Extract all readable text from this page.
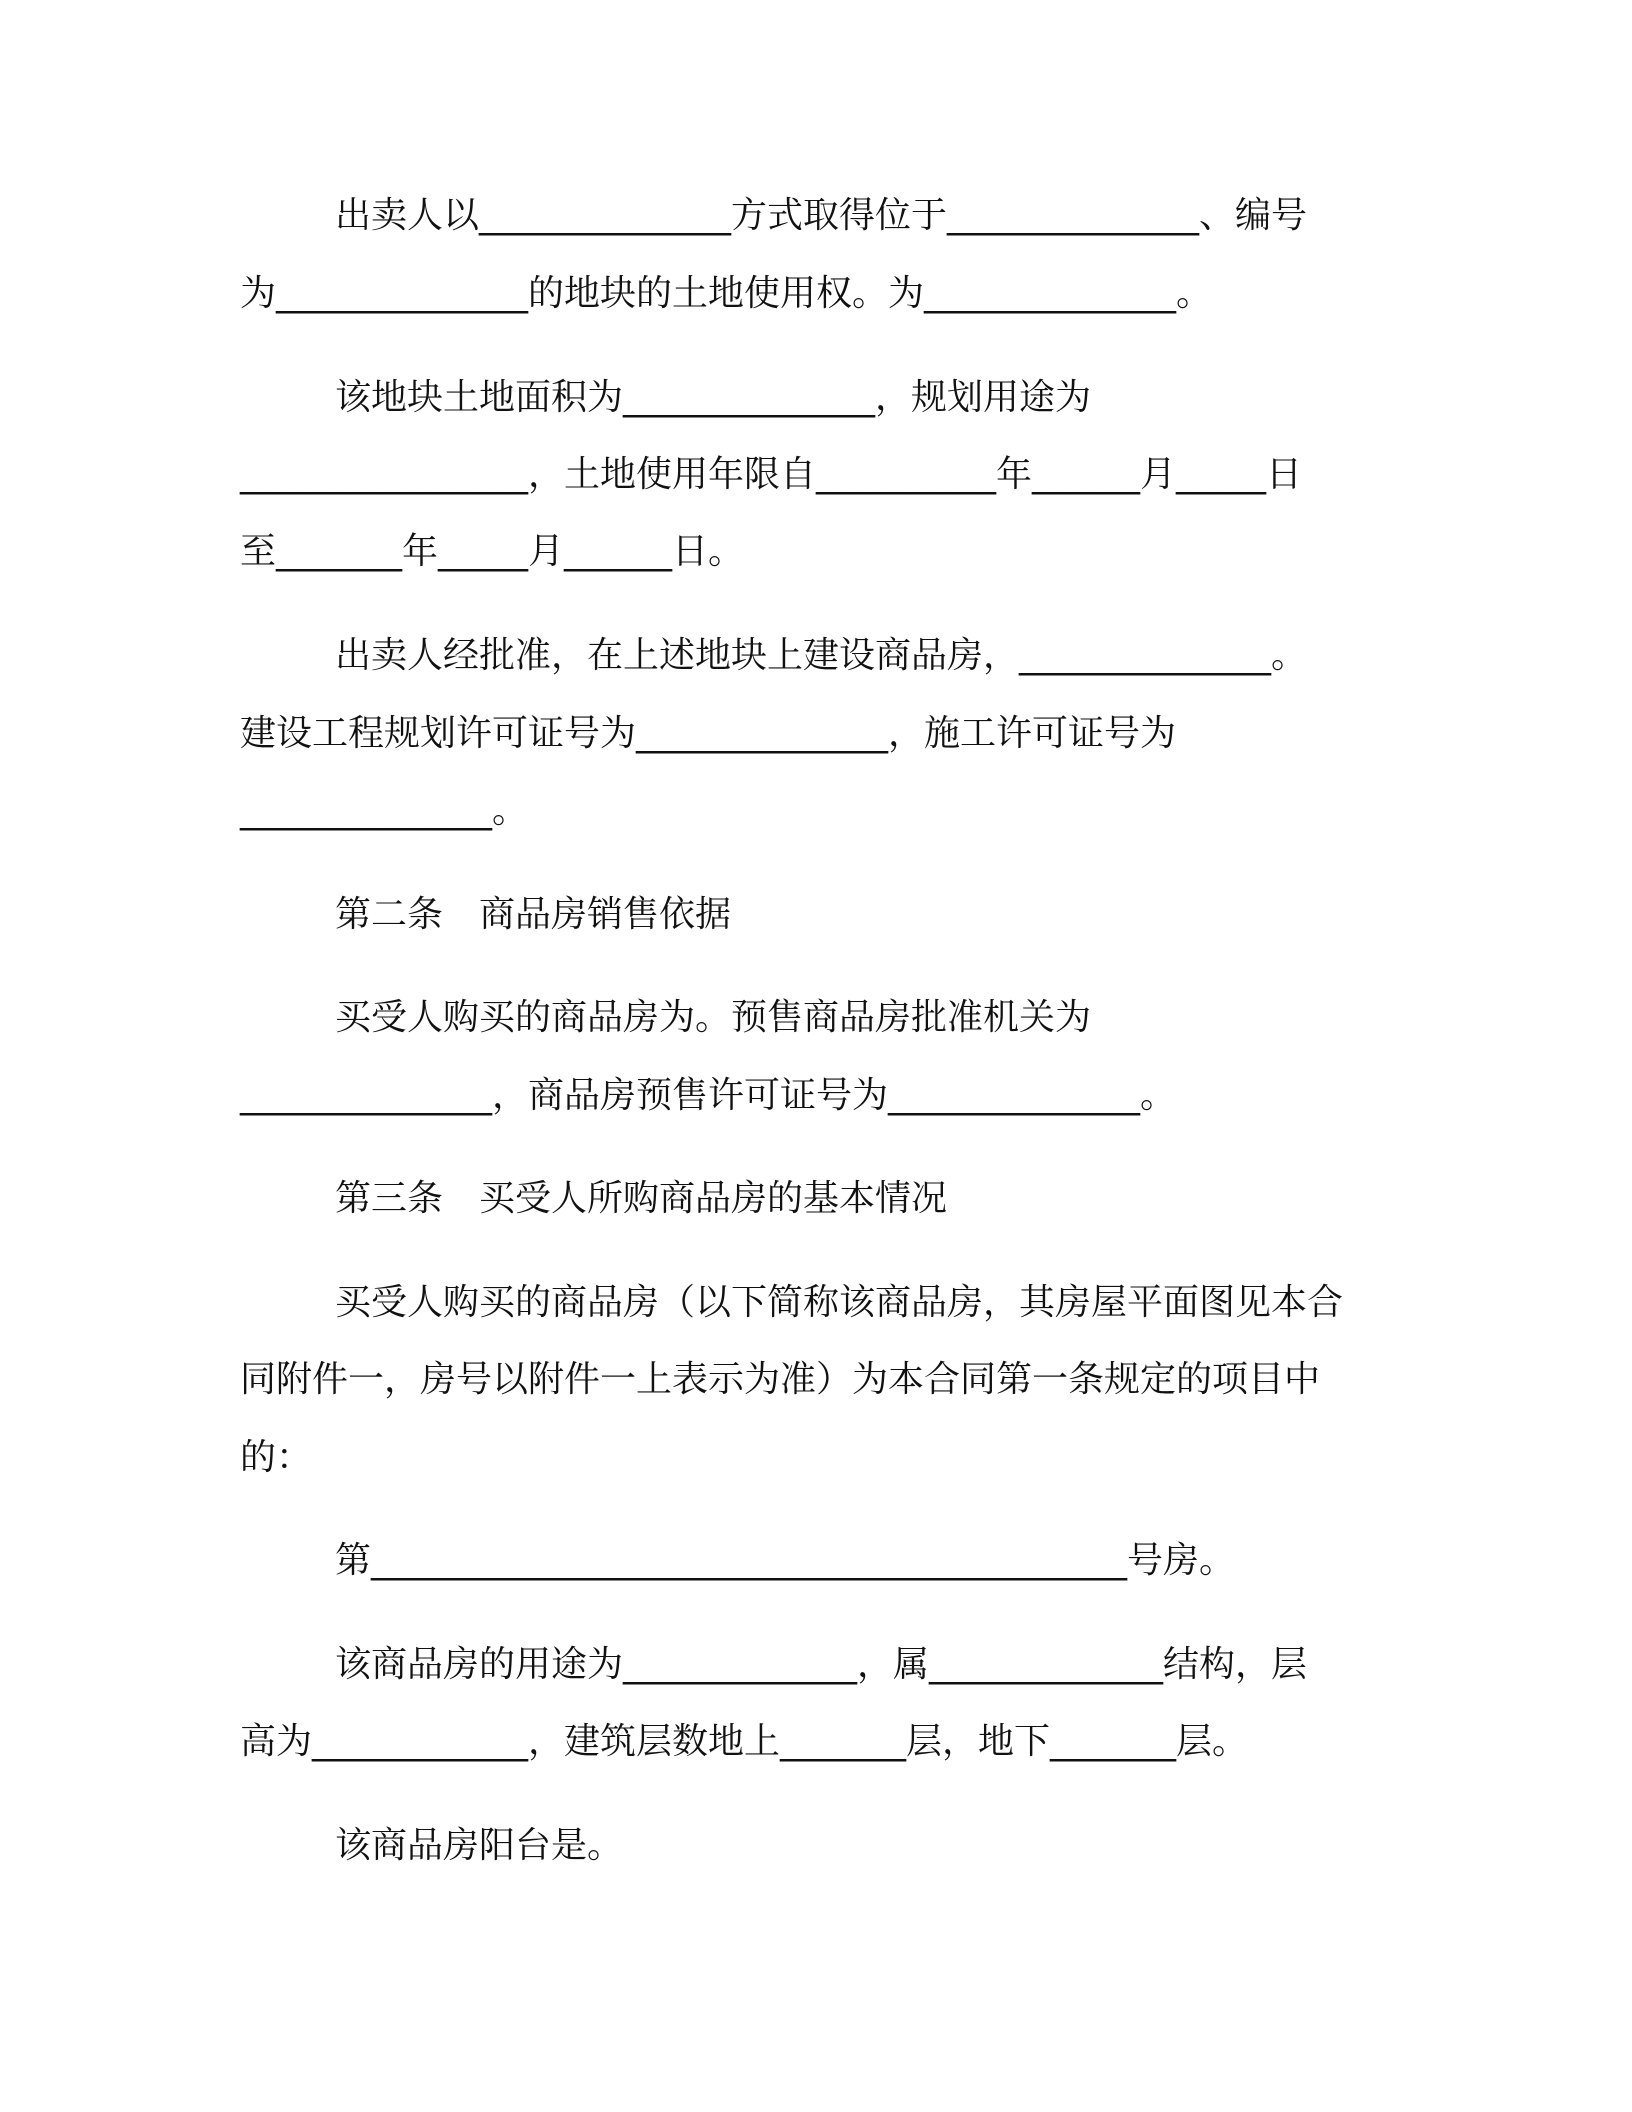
出卖人以______________方式取得位于______________、编号
为______________的地块的土地使用权。为______________。
该地块土地面积为______________，规划用途为
________________，土地使用年限自__________年______月_____日
至_______年_____月______日。
出卖人经批准，在上述地块上建设商品房，______________。
建设工程规划许可证号为______________，施工许可证号为
______________。
第二条　商品房销售依据
买受人购买的商品房为。预售商品房批准机关为
______________，商品房预售许可证号为______________。
第三条　买受人所购商品房的基本情况
买受人购买的商品房（以下简称该商品房，其房屋平面图见本合
同附件一，房号以附件一上表示为准）为本合同第一条规定的项目中
的：
第__________________________________________号房。
该商品房的用途为_____________，属_____________结构，层
高为____________，建筑层数地上_______层，地下_______层。
该商品房阳台是。
